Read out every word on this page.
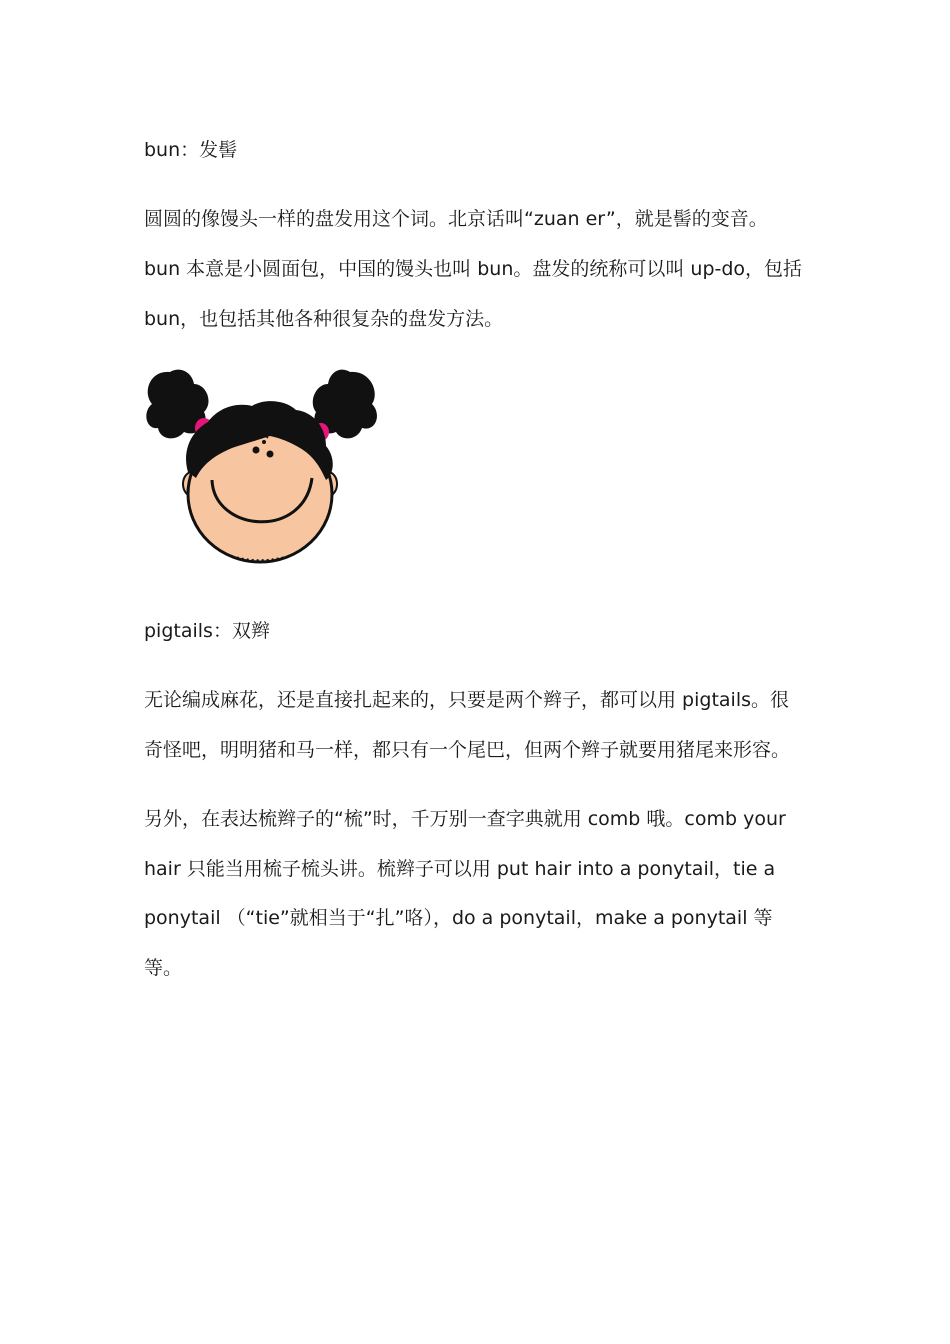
bun：发髻
圆圆的像馒头一样的盘发用这个词。北京话叫“zuan er”，就是髻的变音。
bun 本意是小圆面包，中国的馒头也叫 bun。盘发的统称可以叫 up-do，包括
bun，也包括其他各种很复杂的盘发方法。
pigtails：双辫
无论编成麻花，还是直接扎起来的，只要是两个辫子，都可以用 pigtails。很
奇怪吧，明明猪和马一样，都只有一个尾巴，但两个辫子就要用猪尾来形容。
另外，在表达梳辫子的“梳”时，千万别一查字典就用 comb 哦。comb your
hair 只能当用梳子梳头讲。梳辫子可以用 put hair into a ponytail，tie a
ponytail （“tie”就相当于“扎”咯），do a ponytail，make a ponytail 等
等。
